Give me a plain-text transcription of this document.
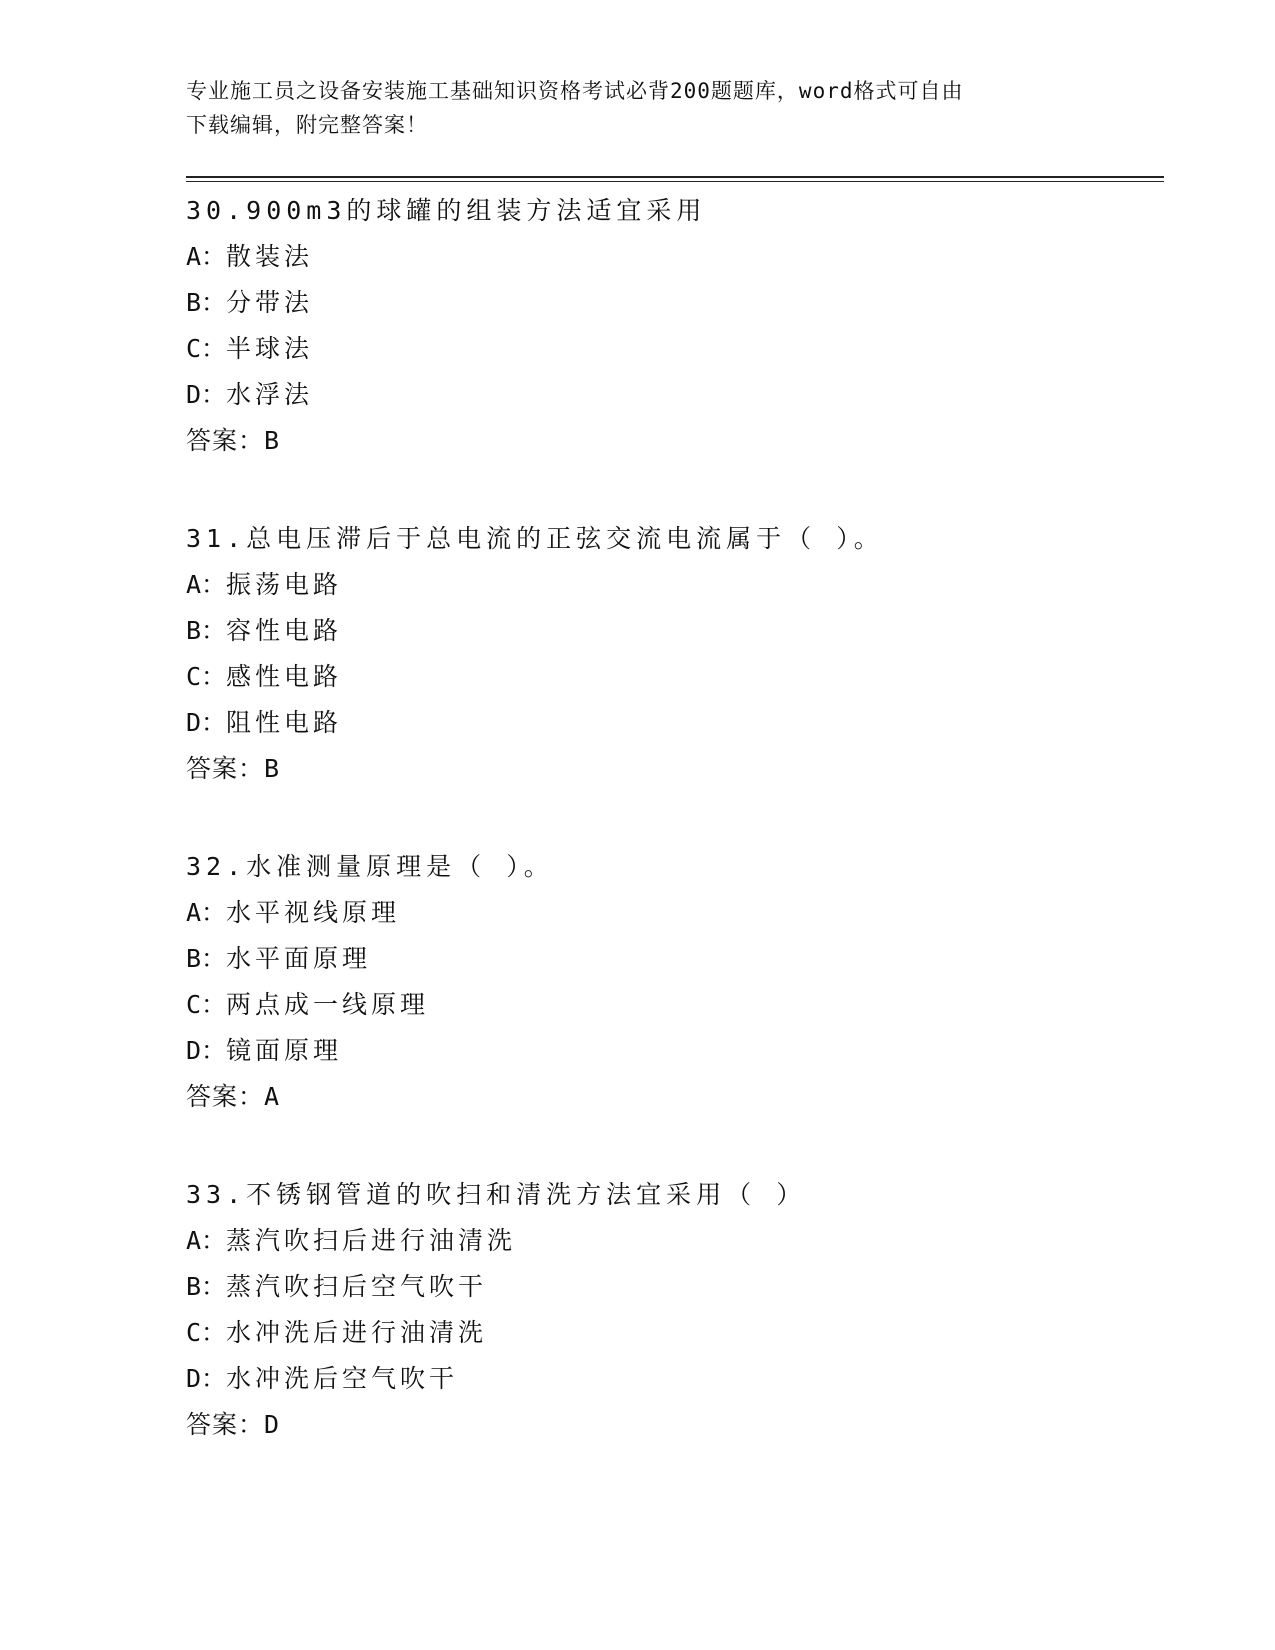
专业施工员之设备安装施工基础知识资格考试必背200题题库，word格式可自由
下载编辑，附完整答案！
30.900m3的球罐的组装方法适宜采用
A：散装法
B：分带法
C：半球法
D：水浮法
答案：B
31.总电压滞后于总电流的正弦交流电流属于（ ）。
A：振荡电路
B：容性电路
C：感性电路
D：阻性电路
答案：B
32.水准测量原理是（ ）。
A：水平视线原理
B：水平面原理
C：两点成一线原理
D：镜面原理
答案：A
33.不锈钢管道的吹扫和清洗方法宜采用（ ）
A：蒸汽吹扫后进行油清洗
B：蒸汽吹扫后空气吹干
C：水冲洗后进行油清洗
D：水冲洗后空气吹干
答案：D
